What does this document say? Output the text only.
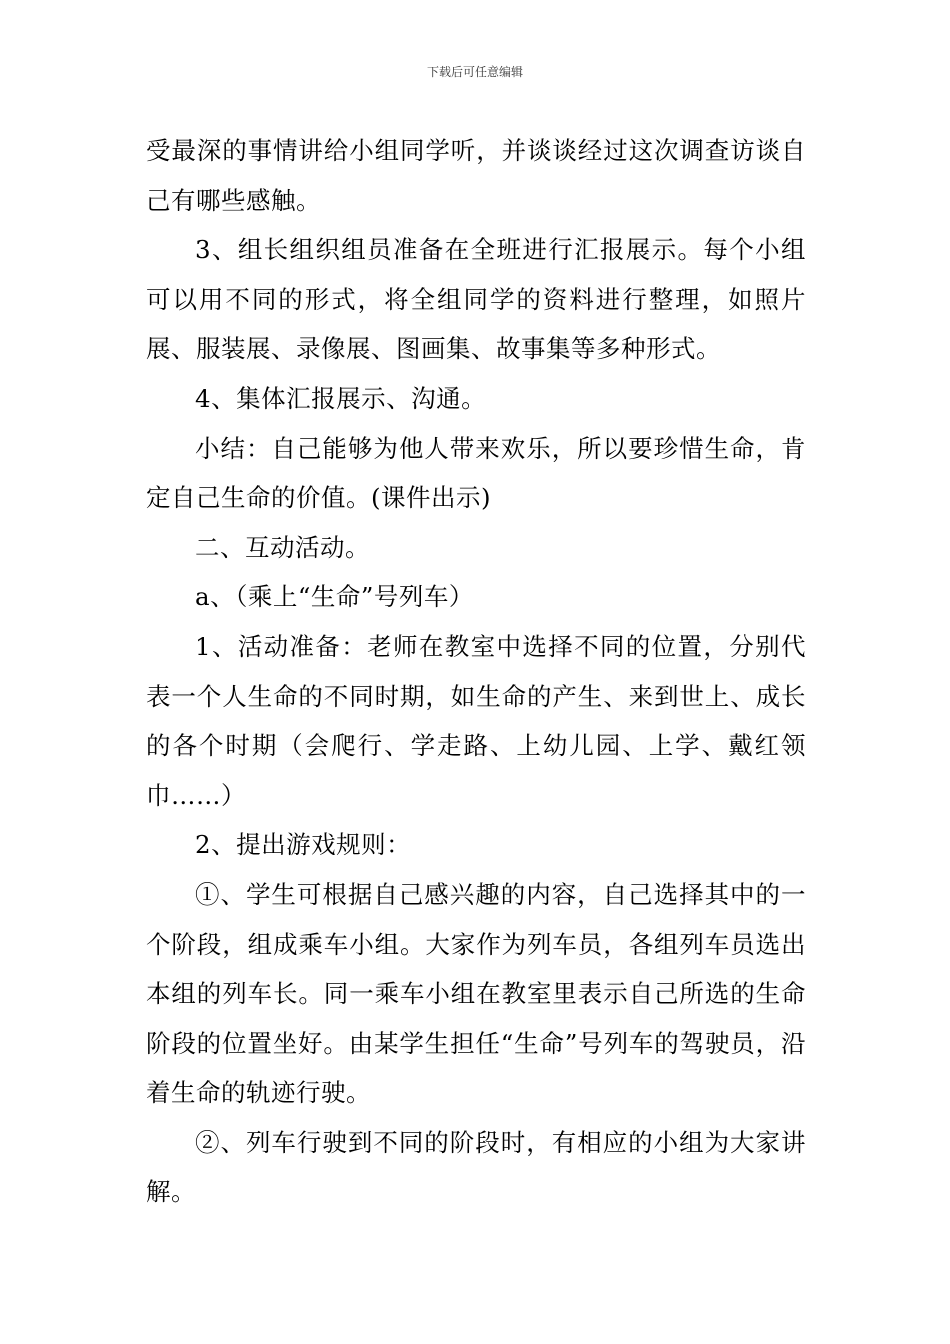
下载后可任意编辑

受最深的事情讲给小组同学听，并谈谈经过这次调查访谈自己有哪些感触。

3、组长组织组员准备在全班进行汇报展示。每个小组可以用不同的形式，将全组同学的资料进行整理，如照片展、服装展、录像展、图画集、故事集等多种形式。

4、集体汇报展示、沟通。

小结：自己能够为他人带来欢乐，所以要珍惜生命，肯定自己生命的价值。(课件出示)

二、互动活动。

a、（乘上“生命”号列车）

1、活动准备：老师在教室中选择不同的位置，分别代表一个人生命的不同时期，如生命的产生、来到世上、成长的各个时期（会爬行、学走路、上幼儿园、上学、戴红领巾……）

2、提出游戏规则：

①、学生可根据自己感兴趣的内容，自己选择其中的一个阶段，组成乘车小组。大家作为列车员，各组列车员选出本组的列车长。同一乘车小组在教室里表示自己所选的生命阶段的位置坐好。由某学生担任“生命”号列车的驾驶员，沿着生命的轨迹行驶。

②、列车行驶到不同的阶段时，有相应的小组为大家讲解。
